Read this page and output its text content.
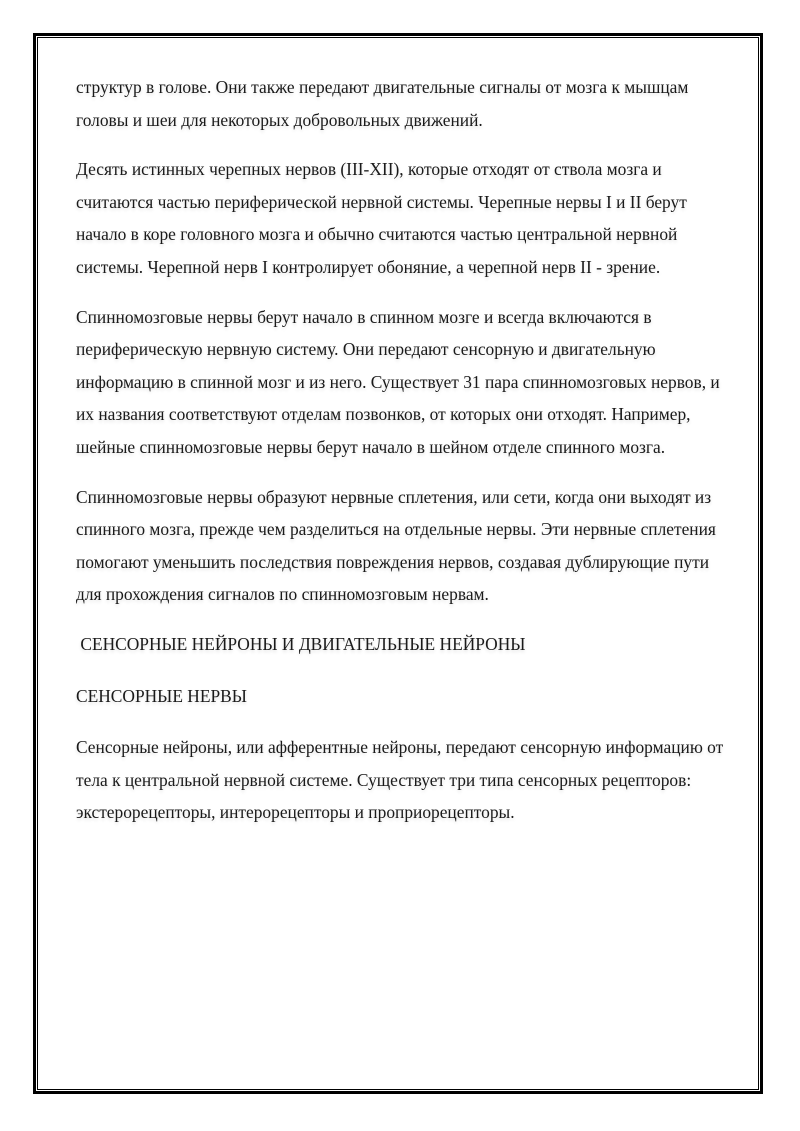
структур в голове. Они также передают двигательные сигналы от мозга к мышцам головы и шеи для некоторых добровольных движений.

Десять истинных черепных нервов (III-XII), которые отходят от ствола мозга и считаются частью периферической нервной системы. Черепные нервы I и II берут начало в коре головного мозга и обычно считаются частью центральной нервной системы. Черепной нерв I контролирует обоняние, а черепной нерв II - зрение.

Спинномозговые нервы берут начало в спинном мозге и всегда включаются в периферическую нервную систему. Они передают сенсорную и двигательную информацию в спинной мозг и из него. Существует 31 пара спинномозговых нервов, и их названия соответствуют отделам позвонков, от которых они отходят. Например, шейные спинномозговые нервы берут начало в шейном отделе спинного мозга.

Спинномозговые нервы образуют нервные сплетения, или сети, когда они выходят из спинного мозга, прежде чем разделиться на отдельные нервы. Эти нервные сплетения помогают уменьшить последствия повреждения нервов, создавая дублирующие пути для прохождения сигналов по спинномозговым нервам.

СЕНСОРНЫЕ НЕЙРОНЫ И ДВИГАТЕЛЬНЫЕ НЕЙРОНЫ

СЕНСОРНЫЕ НЕРВЫ

Сенсорные нейроны, или афферентные нейроны, передают сенсорную информацию от тела к центральной нервной системе. Существует три типа сенсорных рецепторов: экстерорецепторы, интерорецепторы и проприорецепторы.
